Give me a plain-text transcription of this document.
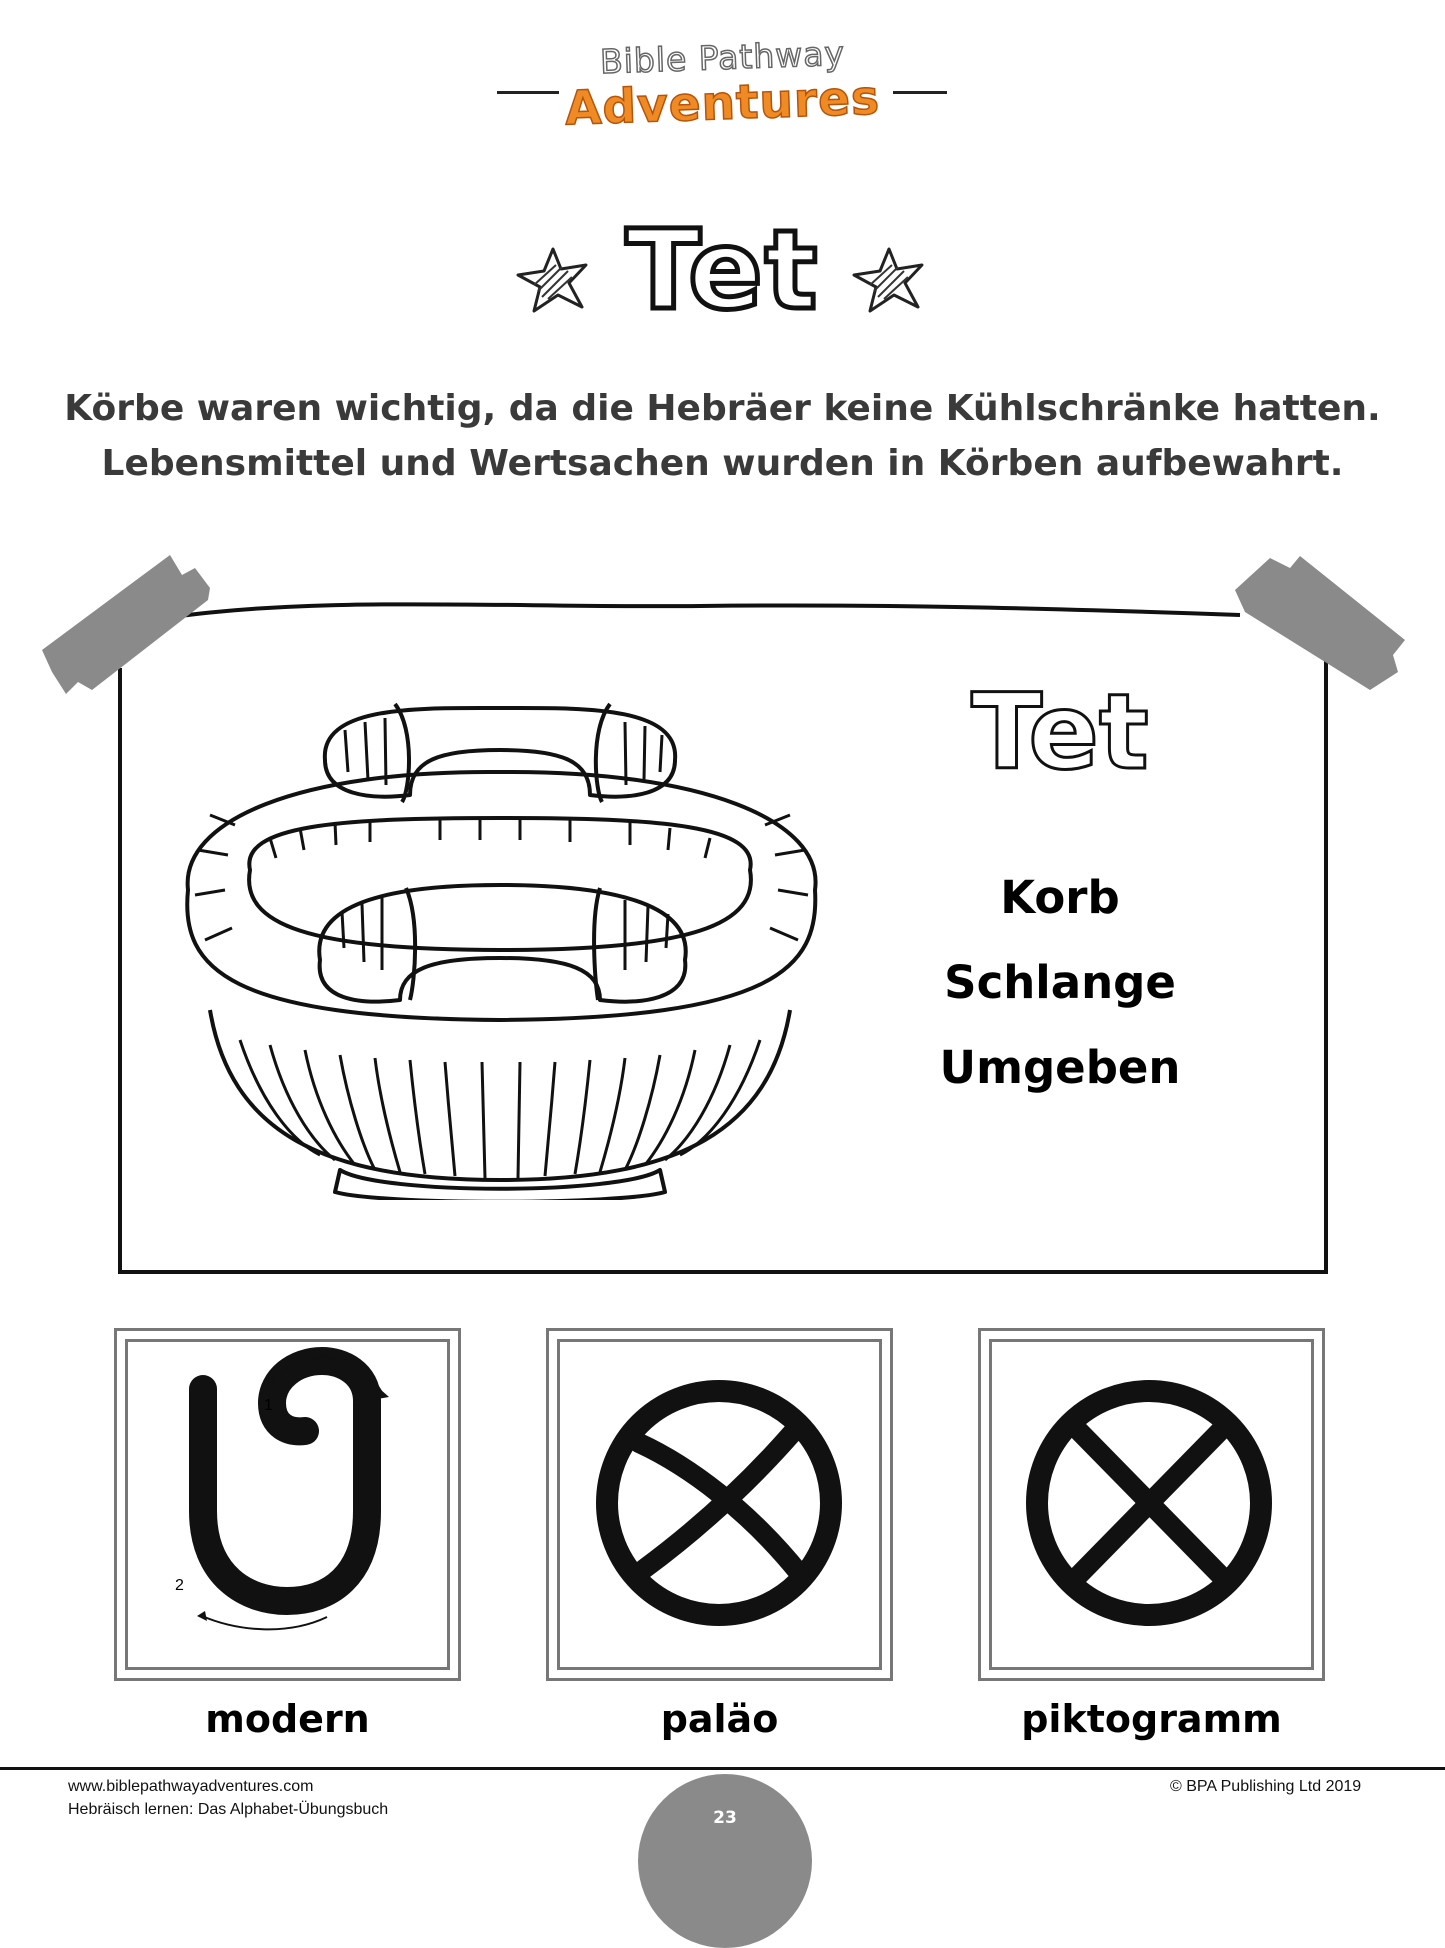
Bible Pathway
Adventures
Tet
Körbe waren wichtig, da die Hebräer keine Kühlschränke hatten.
Lebensmittel und Wertsachen wurden in Körben aufbewahrt.
Tet
Korb
Schlange
Umgeben
1
2
modern	paläo	piktogramm
www.biblepathwayadventures.com
Hebräisch lernen: Das Alphabet-Übungsbuch
© BPA Publishing Ltd 2019
23
